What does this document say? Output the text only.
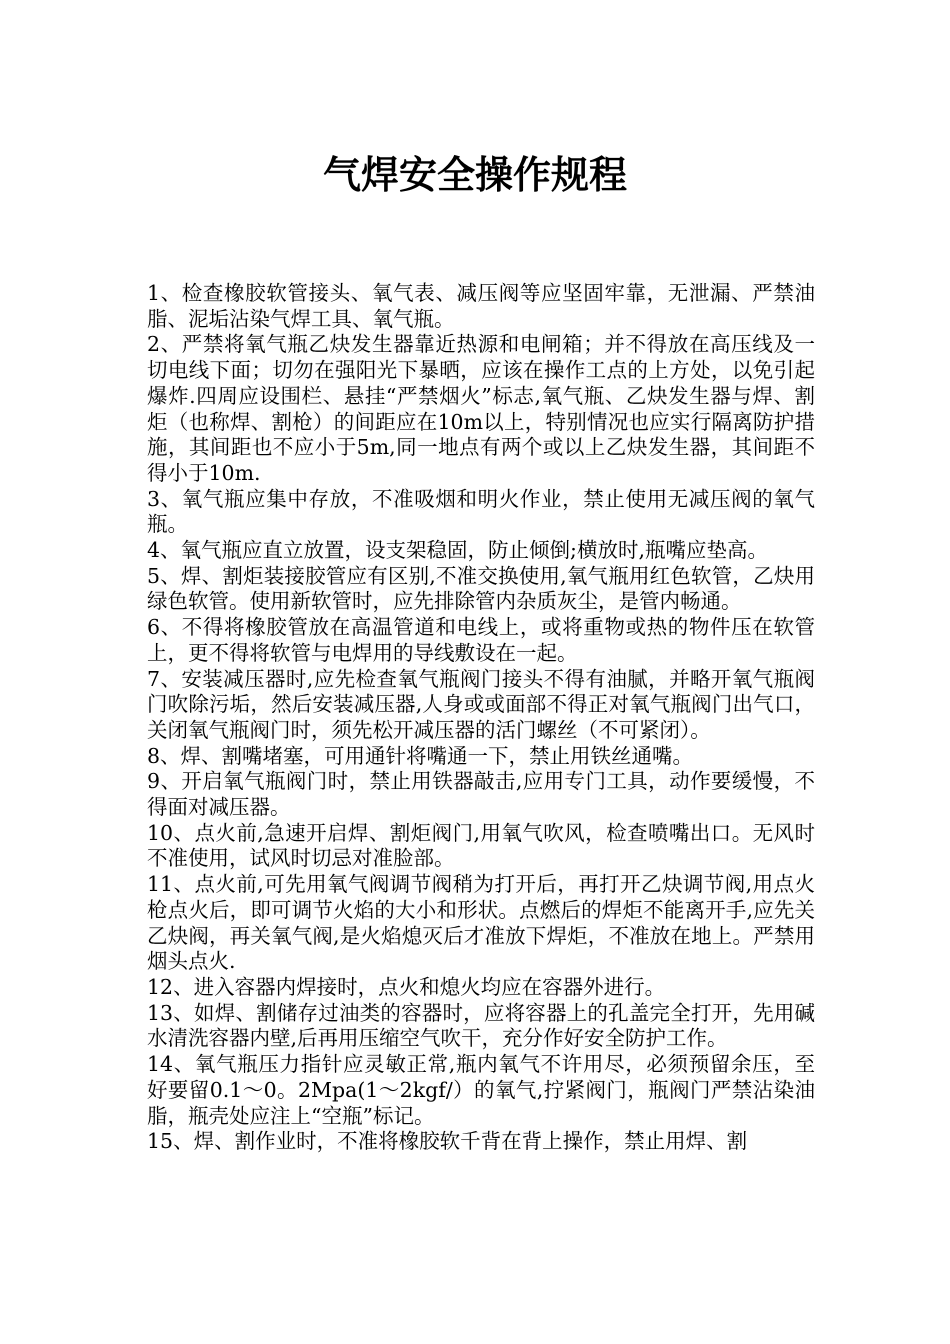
气焊安全操作规程
1、检查橡胶软管接头、氧气表、减压阀等应坚固牢靠，无泄漏、严禁油脂、泥垢沾染气焊工具、氧气瓶。
2、严禁将氧气瓶乙炔发生器靠近热源和电闸箱；并不得放在高压线及一切电线下面；切勿在强阳光下暴晒，应该在操作工点的上方处，以免引起爆炸.四周应设围栏、悬挂“严禁烟火”标志,氧气瓶、乙炔发生器与焊、割炬（也称焊、割枪）的间距应在10m以上，特别情况也应实行隔离防护措施，其间距也不应小于5m,同一地点有两个或以上乙炔发生器，其间距不得小于10m.
3、氧气瓶应集中存放，不准吸烟和明火作业，禁止使用无减压阀的氧气瓶。
4、氧气瓶应直立放置，设支架稳固，防止倾倒;横放时,瓶嘴应垫高。
5、焊、割炬装接胶管应有区别,不准交换使用,氧气瓶用红色软管，乙炔用绿色软管。使用新软管时，应先排除管内杂质灰尘，是管内畅通。
6、不得将橡胶管放在高温管道和电线上，或将重物或热的物件压在软管上，更不得将软管与电焊用的导线敷设在一起。
7、安装减压器时,应先检查氧气瓶阀门接头不得有油腻，并略开氧气瓶阀门吹除污垢，然后安装减压器,人身或或面部不得正对氧气瓶阀门出气口，关闭氧气瓶阀门时，须先松开减压器的活门螺丝（不可紧闭）。
8、焊、割嘴堵塞，可用通针将嘴通一下，禁止用铁丝通嘴。
9、开启氧气瓶阀门时，禁止用铁器敲击,应用专门工具，动作要缓慢，不得面对减压器。
10、点火前,急速开启焊、割炬阀门,用氧气吹风，检查喷嘴出口。无风时不准使用，试风时切忌对准脸部。
11、点火前,可先用氧气阀调节阀稍为打开后，再打开乙炔调节阀,用点火枪点火后，即可调节火焰的大小和形状。点燃后的焊炬不能离开手,应先关乙炔阀，再关氧气阀,是火焰熄灭后才准放下焊炬，不准放在地上。严禁用烟头点火.
12、进入容器内焊接时，点火和熄火均应在容器外进行。
13、如焊、割储存过油类的容器时，应将容器上的孔盖完全打开，先用碱水清洗容器内壁,后再用压缩空气吹干，充分作好安全防护工作。
14、氧气瓶压力指针应灵敏正常,瓶内氧气不许用尽，必须预留余压，至好要留0.1～0。2Mpa(1～2kgf/）的氧气,拧紧阀门，瓶阀门严禁沾染油脂，瓶壳处应注上“空瓶”标记。
15、焊、割作业时，不准将橡胶软千背在背上操作，禁止用焊、割
